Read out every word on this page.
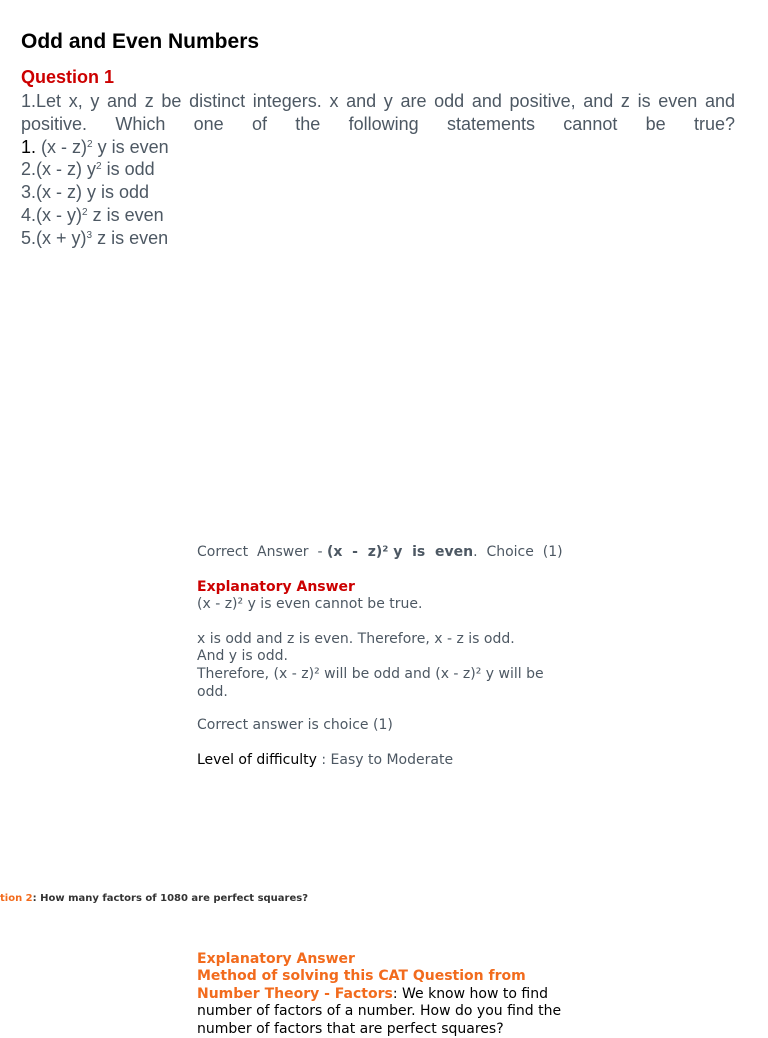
Odd and Even Numbers
Question 1
1.Let x, y and z be distinct integers. x and y are odd and positive, and z is even and positive. Which one of the following statements cannot be true?
1. (x - z)$^2$ y is even
2.(x - z) $y^2$ is odd
3.(x - z) y is odd
4.(x - y)$^2$ z is even
$5.(x + y)^3$ z is even
Correct  Answer  - (x  -  z)² y  is  even.  Choice  (1)
Explanatory Answer
(x - z)² y is even cannot be true.
x is odd and z is even. Therefore, x - z is odd.
And y is odd.
Therefore, (x - z)² will be odd and (x - z)² y will be odd.
Correct answer is choice (1)
Level of difficulty : Easy to Moderate
tion 2: How many factors of 1080 are perfect squares?
Explanatory Answer
Method of solving this CAT Question from Number Theory - Factors: We know how to find number of factors of a number. How do you find the number of factors that are perfect squares?
